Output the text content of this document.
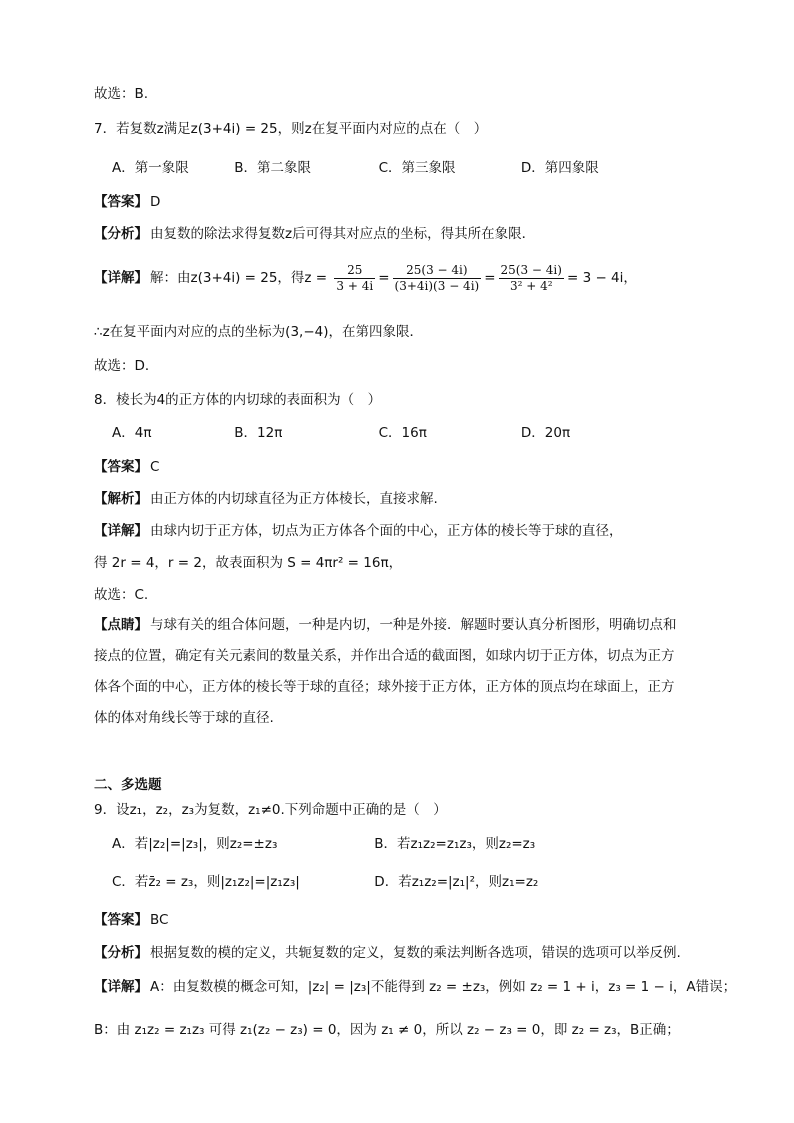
故选：B.
7．若复数z满足z(3+4i) = 25，则z在复平面内对应的点在（　）
A．第一象限	B．第二象限	C．第三象限	D．第四象限
【答案】 D
【分析】 由复数的除法求得复数z后可得其对应点的坐标，得其所在象限．
【详解】 解：由z(3+4i) = 25，得$z = \frac{25}{3 + 4i} = \frac{25(3 - 4i)}{(3+4i)(3 - 4i)} = \frac{25(3 - 4i)}{\text{3² + 4²}} = 3 - 4i$，
∴z在复平面内对应的点的坐标为(3,−4)，在第四象限．
故选：D．
8．棱长为4的正方体的内切球的表面积为（　）
A．4π	B．12π	C．16π	D．20π
【答案】 C
【解析】 由正方体的内切球直径为正方体棱长，直接求解.
【详解】 由球内切于正方体，切点为正方体各个面的中心，正方体的棱长等于球的直径，
得 2r = 4，r = 2，故表面积为 S = 4πr² = 16π，
故选：C.
【点睛】 与球有关的组合体问题，一种是内切，一种是外接．解题时要认真分析图形，明确切点和
接点的位置，确定有关元素间的数量关系，并作出合适的截面图，如球内切于正方体，切点为正方
体各个面的中心，正方体的棱长等于球的直径；球外接于正方体，正方体的顶点均在球面上，正方
体的体对角线长等于球的直径.
二、多选题
9．设z₁，z₂，z₃为复数，z₁≠0.下列命题中正确的是（　）
A．若|z₂|=|z₃|，则z₂=±z₃	B．若z₁z₂=z₁z₃，则z₂=z₃
C．若z̄₂ = z₃，则|z₁z₂|=|z₁z₃|	D．若z₁z₂=|z₁|²，则z₁=z₂
【答案】 BC
【分析】 根据复数的模的定义，共轭复数的定义，复数的乘法判断各选项，错误的选项可以举反例.
【详解】 A：由复数模的概念可知，|z₂| = |z₃|不能得到 z₂ = ±z₃，例如 z₂ = 1 + i，z₃ = 1 − i，A错误；
B：由 z₁z₂ = z₁z₃ 可得 z₁(z₂ − z₃) = 0，因为 z₁ ≠ 0，所以 z₂ − z₃ = 0，即 z₂ = z₃，B正确；
